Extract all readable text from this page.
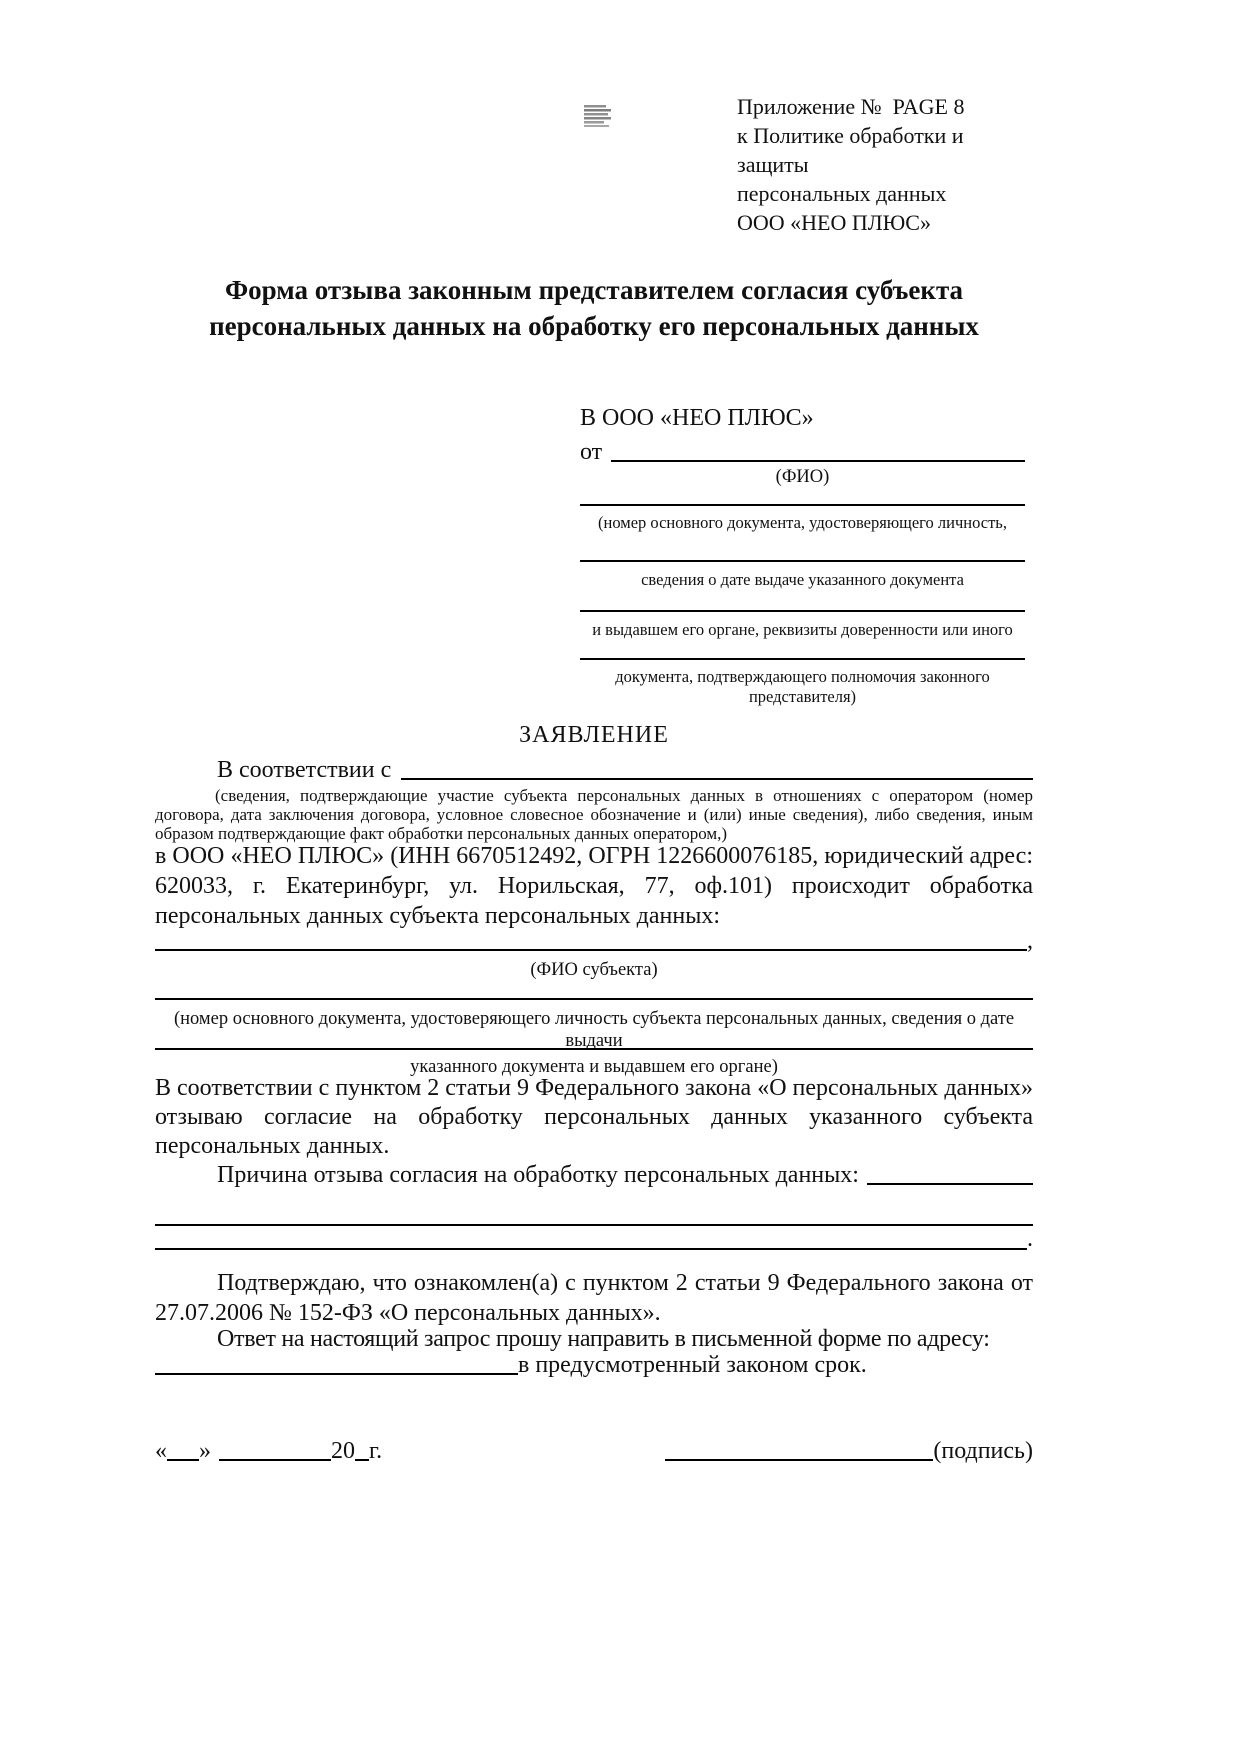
Приложение №  PAGE 8
к Политике обработки и защиты
персональных данных
ООО «НЕО ПЛЮС»
Форма отзыва законным представителем согласия субъекта
персональных данных на обработку его персональных данных
В ООО «НЕО ПЛЮС»
от
(ФИО)
(номер основного документа, удостоверяющего личность,
сведения о дате выдаче указанного документа
и выдавшем его органе, реквизиты доверенности или иного
документа, подтверждающего полномочия законного представителя)
ЗАЯВЛЕНИЕ
В соответствии с
(сведения, подтверждающие участие субъекта персональных данных в отношениях с оператором (номер договора, дата заключения договора, условное словесное обозначение и (или) иные сведения), либо сведения, иным образом подтверждающие факт обработки персональных данных оператором,)
в ООО «НЕО ПЛЮС» (ИНН 6670512492, ОГРН 1226600076185, юридический адрес: 620033, г. Екатеринбург, ул. Норильская, 77, оф.101) происходит обработка персональных данных субъекта персональных данных:
,
(ФИО субъекта)
(номер основного документа, удостоверяющего личность субъекта персональных данных, сведения о дате выдачи
указанного документа и выдавшем его органе)
В соответствии с пунктом 2 статьи 9 Федерального закона «О персональных данных» отзываю согласие на обработку персональных данных указанного субъекта персональных данных.
Причина отзыва согласия на обработку персональных данных:
.
Подтверждаю, что ознакомлен(а) с пунктом 2 статьи 9 Федерального закона от 27.07.2006 № 152-ФЗ «О персональных данных».
Ответ на настоящий запрос прошу направить в письменной форме по адресу:
в предусмотренный законом срок.
« »	20 г.	(подпись)
